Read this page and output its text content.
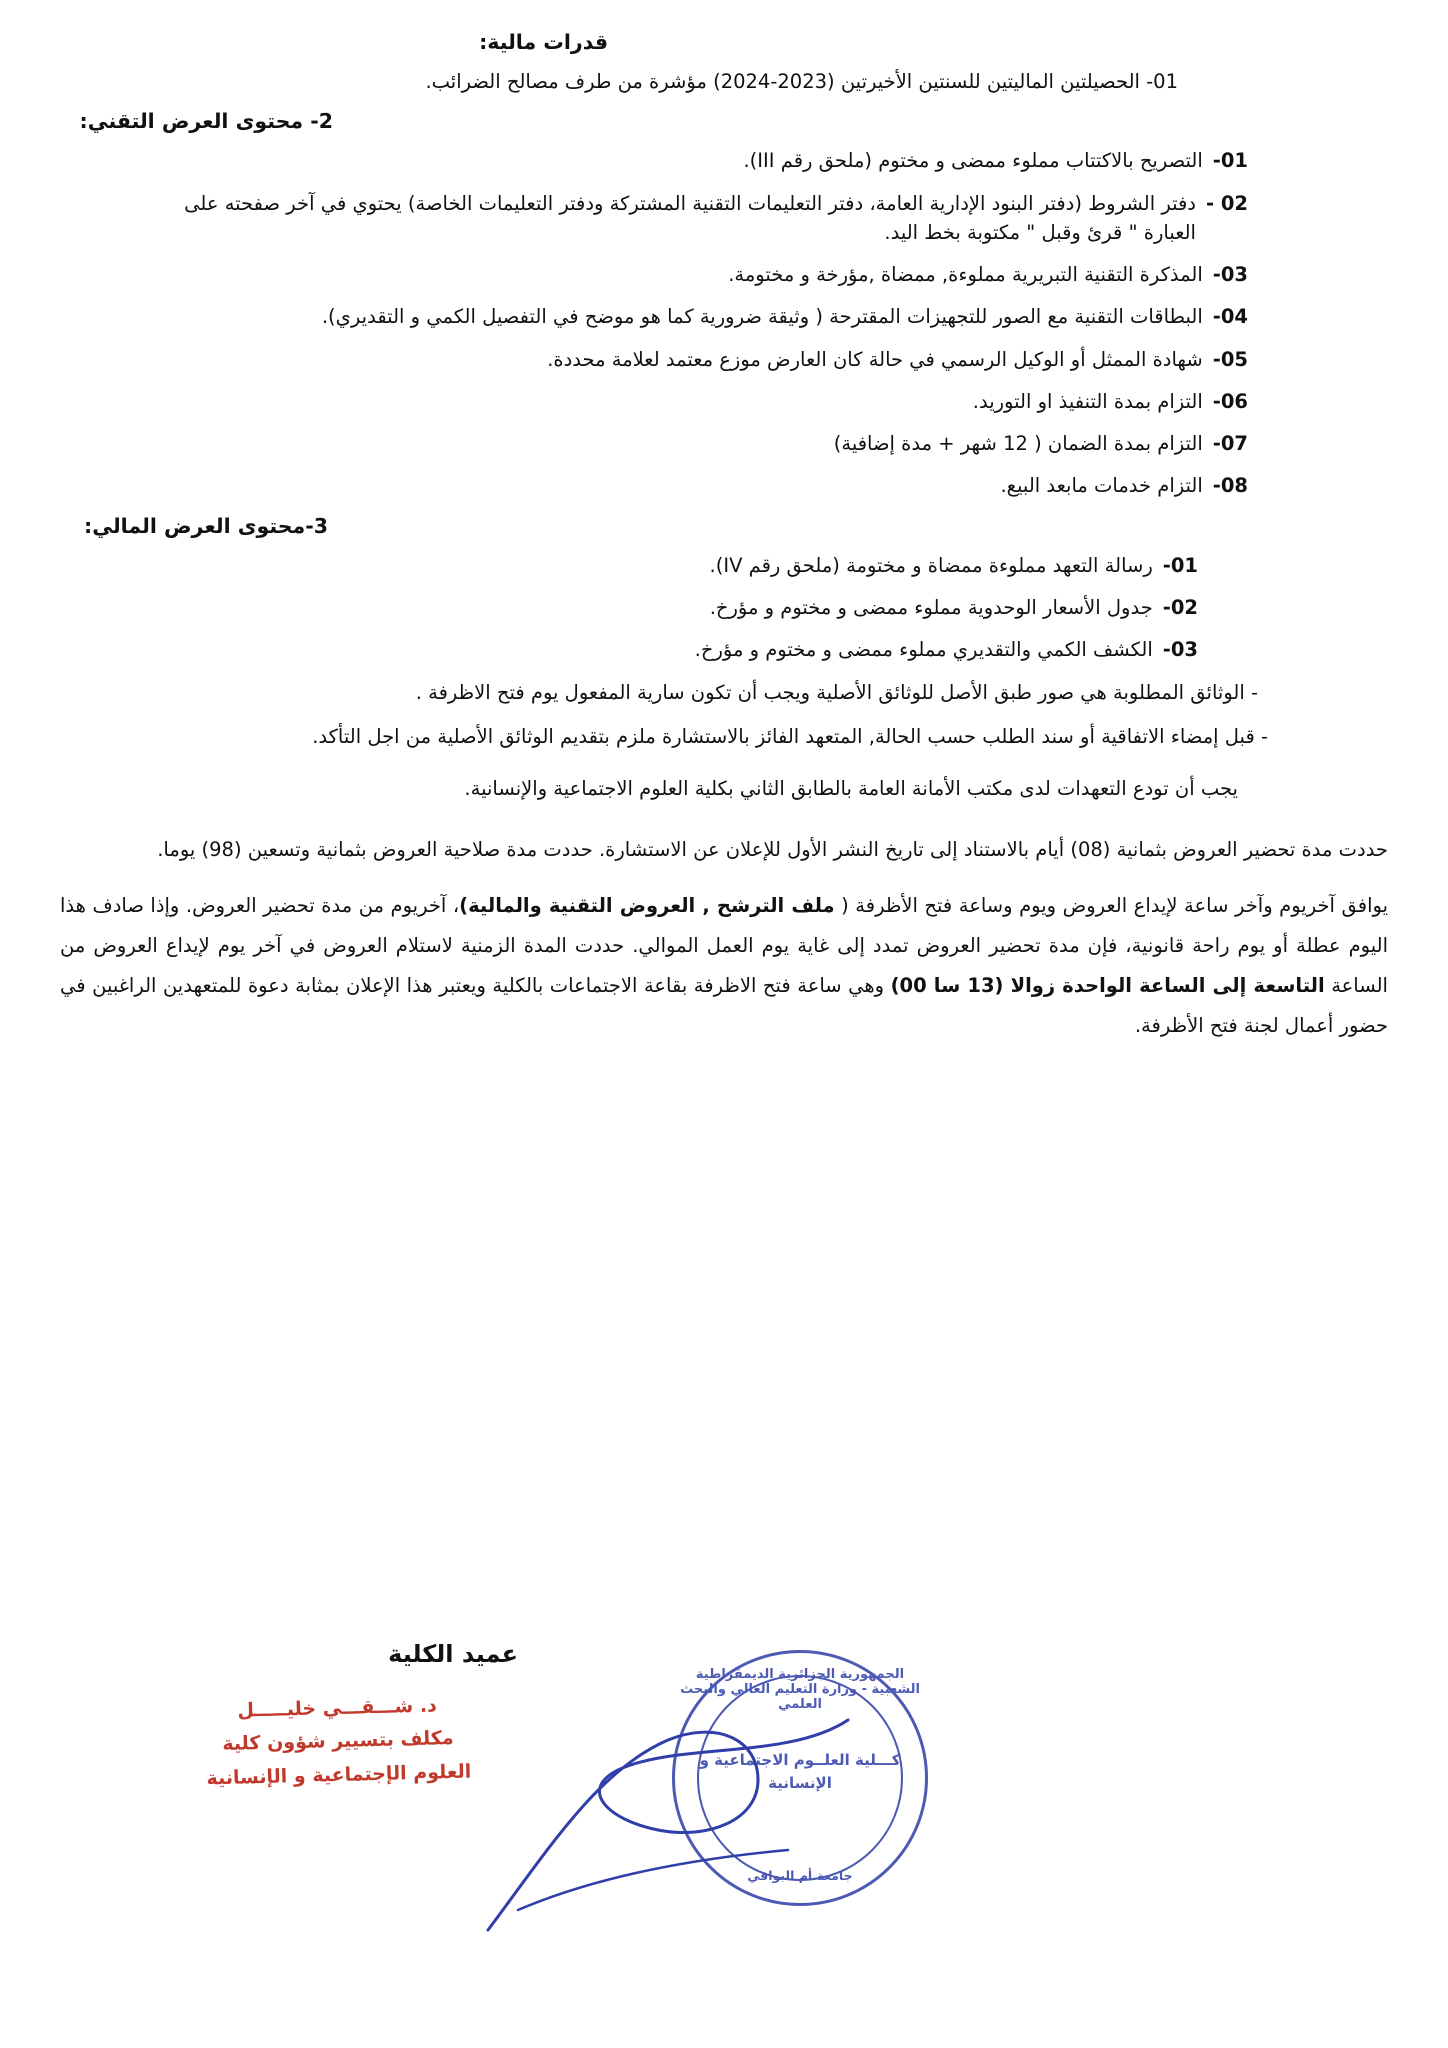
قدرات مالية:
01- الحصيلتين الماليتين للسنتين الأخيرتين (2023-2024) مؤشرة من طرف مصالح الضرائب.
2- محتوى العرض التقني:
01-
التصريح بالاكتتاب مملوء ممضى و مختوم (ملحق رقم III).
02 -
دفتر الشروط (دفتر البنود الإدارية العامة، دفتر التعليمات التقنية المشتركة ودفتر التعليمات الخاصة) يحتوي في آخر صفحته على العبارة " قرئ وقبل " مكتوبة بخط اليد.
03-
المذكرة التقنية التبريرية مملوءة, ممضاة ,مؤرخة و مختومة.
04-
البطاقات التقنية مع الصور للتجهيزات المقترحة ( وثيقة ضرورية كما هو موضح في التفصيل الكمي و التقديري).
05-
شهادة الممثل أو الوكيل الرسمي في حالة كان العارض موزع معتمد لعلامة محددة.
06-
التزام بمدة التنفيذ او التوريد.
07-
التزام بمدة الضمان ( 12 شهر + مدة إضافية)
08-
التزام خدمات مابعد البيع.
3-محتوى العرض المالي:
01-
رسالة التعهد مملوءة ممضاة و مختومة (ملحق رقم IV).
02-
جدول الأسعار الوحدوية مملوء ممضى و مختوم و مؤرخ.
03-
الكشف الكمي والتقديري مملوء ممضى و مختوم و مؤرخ.
- الوثائق المطلوبة هي صور طبق الأصل للوثائق الأصلية ويجب أن تكون سارية المفعول يوم فتح الاظرفة .
- قبل إمضاء الاتفاقية أو سند الطلب حسب الحالة, المتعهد الفائز بالاستشارة ملزم بتقديم الوثائق الأصلية من اجل التأكد.
يجب أن تودع التعهدات لدى مكتب الأمانة العامة بالطابق الثاني بكلية العلوم الاجتماعية والإنسانية.

حددت مدة تحضير العروض بثمانية (08) أيام بالاستناد إلى تاريخ النشر الأول للإعلان عن الاستشارة. حددت مدة صلاحية العروض بثمانية وتسعين (98) يوما.

يوافق آخريوم وآخر ساعة لإيداع العروض ويوم وساعة فتح الأظرفة ( ملف الترشح , العروض التقنية والمالية)، آخريوم من مدة تحضير العروض. وإذا صادف هذا اليوم عطلة أو يوم راحة قانونية، فإن مدة تحضير العروض تمدد إلى غاية يوم العمل الموالي. حددت المدة الزمنية لاستلام العروض في آخر يوم لإيداع العروض من الساعة التاسعة إلى الساعة الواحدة زوالا (13 سا 00) وهي ساعة فتح الاظرفة بقاعة الاجتماعات بالكلية ويعتبر هذا الإعلان بمثابة دعوة للمتعهدين الراغبين في حضور أعمال لجنة فتح الأظرفة.

عميد الكلية
د. شـــقـــي خليـــــل
مكلف بتسيير شؤون كلية
العلوم الإجتماعية و الإنسانية
الجمهورية الجزائرية الديمقراطية الشعبية - وزارة التعليم العالي والبحث العلمي
كـــلية العلــوم الاجتماعية و الإنسانية
جامعة أم البواقي
